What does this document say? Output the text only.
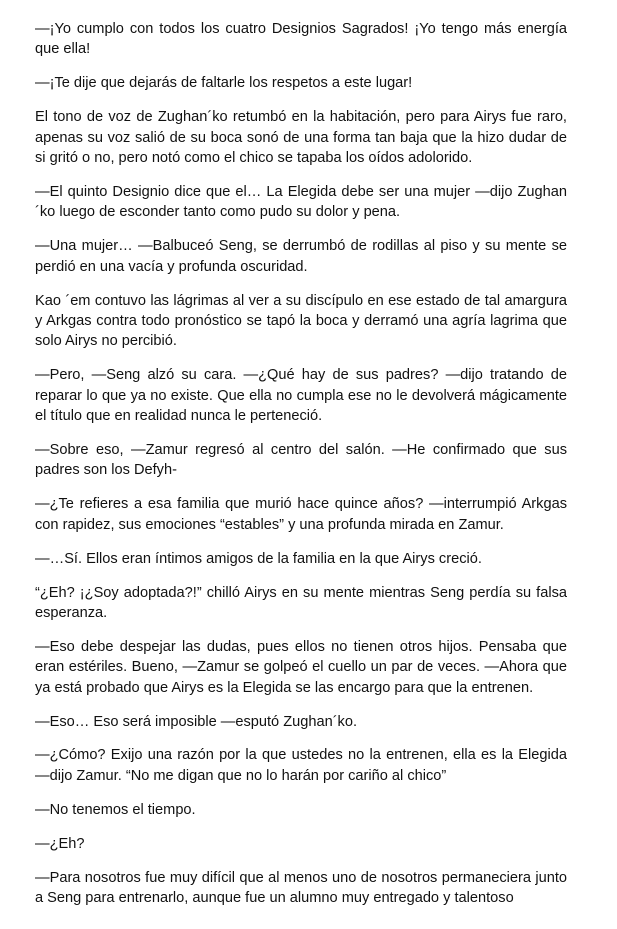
—¡Yo cumplo con todos los cuatro Designios Sagrados! ¡Yo tengo más energía que ella!

—¡Te dije que dejarás de faltarle los respetos a este lugar!

El tono de voz de Zughan´ko retumbó en la habitación, pero para Airys fue raro, apenas su voz salió de su boca sonó de una forma tan baja que la hizo dudar de si gritó o no, pero notó como el chico se tapaba los oídos adolorido.

—El quinto Designio dice que el… La Elegida debe ser una mujer —dijo Zughan´ko luego de esconder tanto como pudo su dolor y pena.

—Una mujer… —Balbuceó Seng, se derrumbó de rodillas al piso y su mente se perdió en una vacía y profunda oscuridad.

Kao ´em contuvo las lágrimas al ver a su discípulo en ese estado de tal amargura y Arkgas contra todo pronóstico se tapó la boca y derramó una agría lagrima que solo Airys no percibió.

—Pero, —Seng alzó su cara. —¿Qué hay de sus padres? —dijo tratando de reparar lo que ya no existe. Que ella no cumpla ese no le devolverá mágicamente el título que en realidad nunca le perteneció.

—Sobre eso, —Zamur regresó al centro del salón. —He confirmado que sus padres son los Defyh-

—¿Te refieres a esa familia que murió hace quince años? —interrumpió Arkgas con rapidez, sus emociones “estables” y una profunda mirada en Zamur.

—…Sí. Ellos eran íntimos amigos de la familia en la que Airys creció.

“¿Eh? ¡¿Soy adoptada?!” chilló Airys en su mente mientras Seng perdía su falsa esperanza.

—Eso debe despejar las dudas, pues ellos no tienen otros hijos. Pensaba que eran estériles. Bueno, —Zamur se golpeó el cuello un par de veces. —Ahora que ya está probado que Airys es la Elegida se las encargo para que la entrenen.

—Eso… Eso será imposible —esputó Zughan´ko.

—¿Cómo? Exijo una razón por la que ustedes no la entrenen, ella es la Elegida —dijo Zamur. “No me digan que no lo harán por cariño al chico”

—No tenemos el tiempo.

—¿Eh?

—Para nosotros fue muy difícil que al menos uno de nosotros permaneciera junto a Seng para entrenarlo, aunque fue un alumno muy entregado y talentoso
